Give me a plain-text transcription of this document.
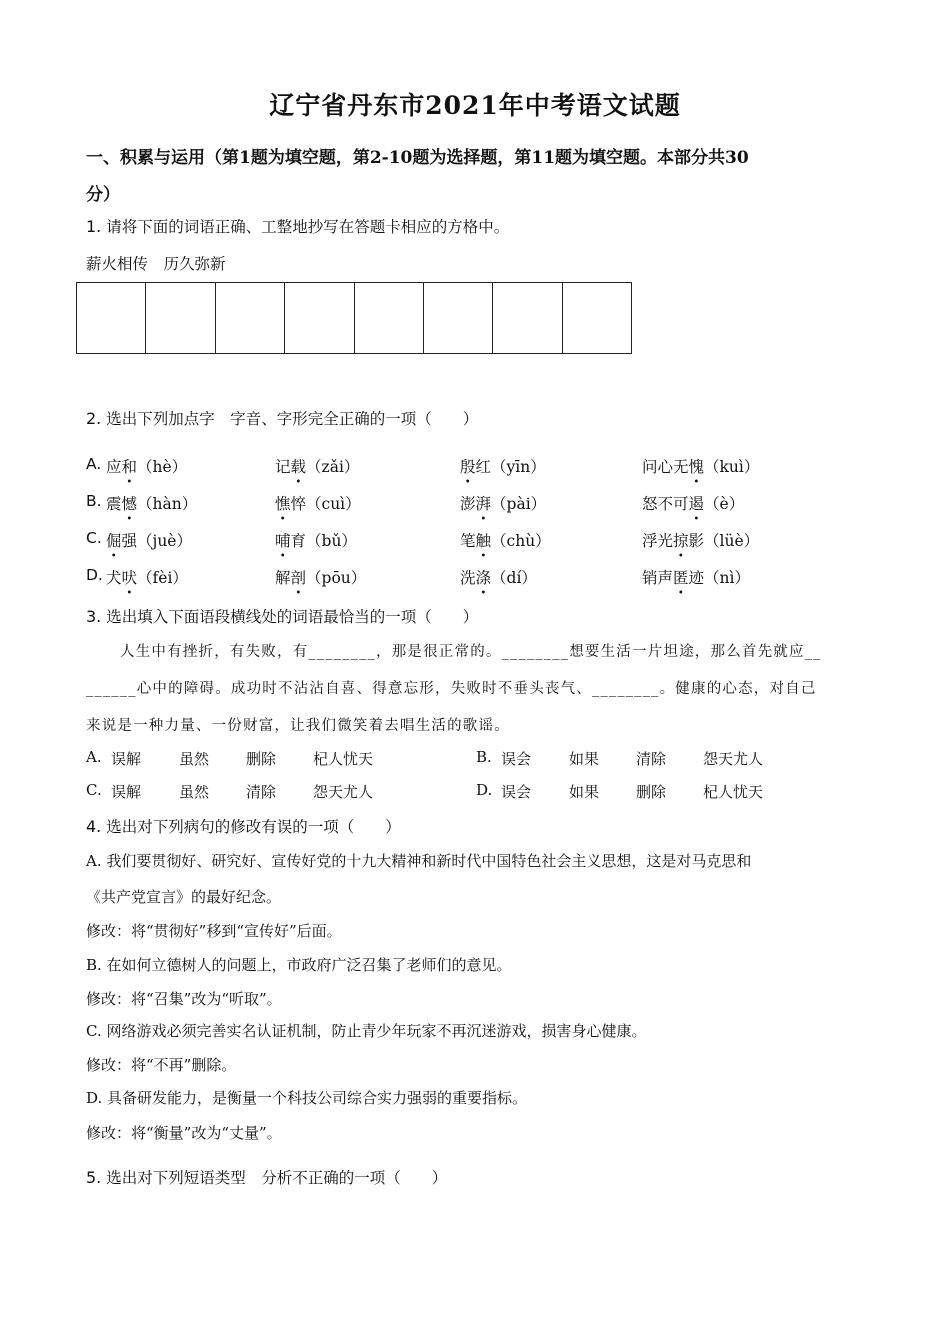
辽宁省丹东市2021年中考语文试题
一、积累与运用（第1题为填空题，第2-10题为选择题，第11题为填空题。本部分共30
分）
1. 请将下面的词语正确、工整地抄写在答题卡相应的方格中。
薪火相传　历久弥新
2. 选出下列加点字　字音、字形完全正确的一项（　　）
A. 应和（hè）	记载（zǎi）	殷红（yīn）	问心无愧（kuì）
B. 震憾（hàn）	憔悴（cuì）	澎湃（pài）	怒不可遏（è）
C. 倔强（juè）	哺育（bǔ）	笔触（chù）	浮光掠影（lüè）
D. 犬吠（fèi）	解剖（pōu）	洗涤（dí）	销声匿迹（nì）
3. 选出填入下面语段横线处的词语最恰当的一项（　　）
人生中有挫折，有失败，有________，那是很正常的。________想要生活一片坦途，那么首先就应__
______心中的障碍。成功时不沾沾自喜、得意忘形，失败时不垂头丧气、________。健康的心态，对自己
来说是一种力量、一份财富，让我们微笑着去唱生活的歌谣。
A. 误解	虽然 删除 杞人忧天	B. 误会	如果 清除 怨天尤人
C. 误解	虽然 清除 怨天尤人	D. 误会	如果 删除 杞人忧天
4. 选出对下列病句的修改有误的一项（　　）
A. 我们要贯彻好、研究好、宣传好党的十九大精神和新时代中国特色社会主义思想，这是对马克思和
《共产党宣言》的最好纪念。
修改：将“贯彻好”移到“宣传好”后面。
B. 在如何立德树人的问题上，市政府广泛召集了老师们的意见。
修改：将“召集”改为“听取”。
C. 网络游戏必须完善实名认证机制，防止青少年玩家不再沉迷游戏，损害身心健康。
修改：将“不再”删除。
D. 具备研发能力，是衡量一个科技公司综合实力强弱的重要指标。
修改：将“衡量”改为“丈量”。
5. 选出对下列短语类型　分析不正确的一项（　　）
